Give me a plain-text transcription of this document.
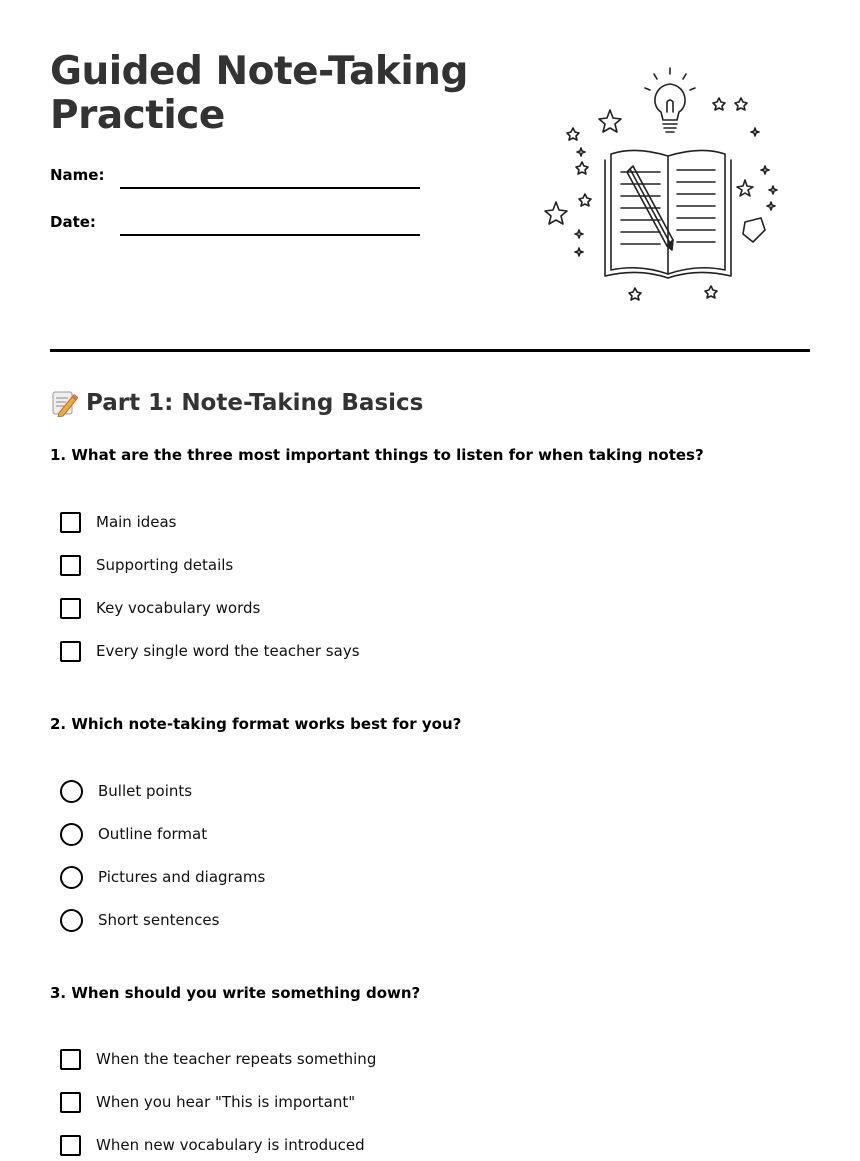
Guided Note-Taking
Practice
Name:
Date:
Part 1: Note-Taking Basics

1. What are the three most important things to listen for when taking notes?

Main ideas
Supporting details
Key vocabulary words
Every single word the teacher says

2. Which note-taking format works best for you?

Bullet points
Outline format
Pictures and diagrams
Short sentences

3. When should you write something down?

When the teacher repeats something
When you hear "This is important"
When new vocabulary is introduced
